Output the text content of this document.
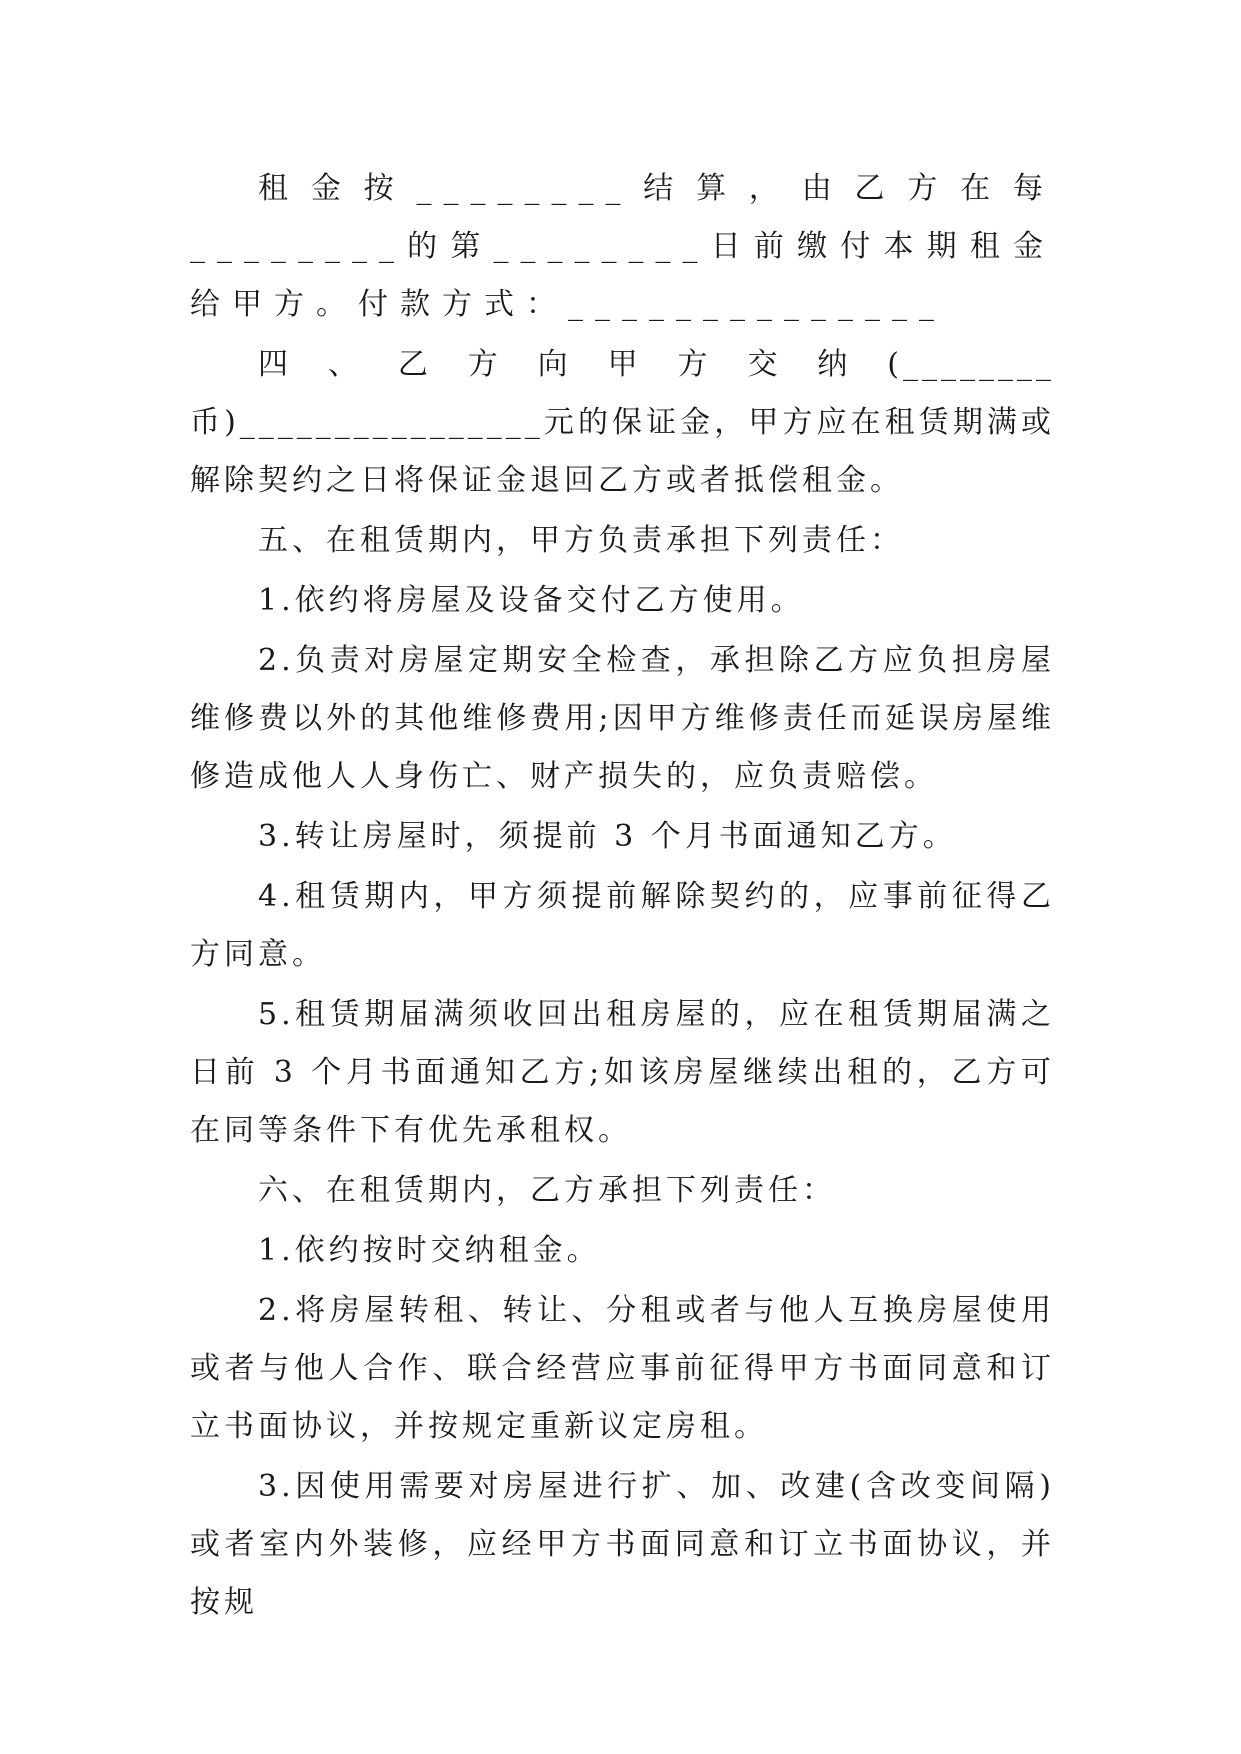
租金按________结算，由乙方在每________的第________日前缴付本期租金给甲方。付款方式：______________

四、乙方向甲方交纳(________币)________________元的保证金，甲方应在租赁期满或解除契约之日将保证金退回乙方或者抵偿租金。

五、在租赁期内，甲方负责承担下列责任：

1.依约将房屋及设备交付乙方使用。

2.负责对房屋定期安全检查，承担除乙方应负担房屋维修费以外的其他维修费用;因甲方维修责任而延误房屋维修造成他人人身伤亡、财产损失的，应负责赔偿。

3.转让房屋时，须提前 3 个月书面通知乙方。

4.租赁期内，甲方须提前解除契约的，应事前征得乙方同意。

5.租赁期届满须收回出租房屋的，应在租赁期届满之日前 3 个月书面通知乙方;如该房屋继续出租的，乙方可在同等条件下有优先承租权。

六、在租赁期内，乙方承担下列责任：

1.依约按时交纳租金。

2.将房屋转租、转让、分租或者与他人互换房屋使用或者与他人合作、联合经营应事前征得甲方书面同意和订立书面协议，并按规定重新议定房租。

3.因使用需要对房屋进行扩、加、改建(含改变间隔)或者室内外装修，应经甲方书面同意和订立书面协议，并按规
